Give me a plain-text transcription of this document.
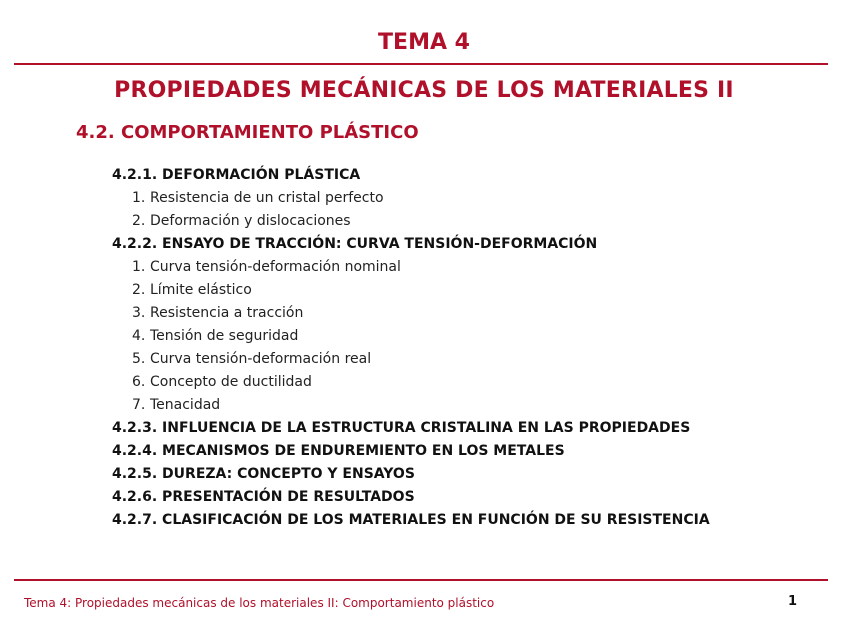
TEMA 4
PROPIEDADES MECÁNICAS DE LOS MATERIALES II
4.2. COMPORTAMIENTO PLÁSTICO
4.2.1. DEFORMACIÓN PLÁSTICA
1. Resistencia de un cristal perfecto
2. Deformación y dislocaciones
4.2.2. ENSAYO DE TRACCIÓN: CURVA TENSIÓN-DEFORMACIÓN
1. Curva tensión-deformación nominal
2. Límite elástico
3. Resistencia a tracción
4. Tensión de seguridad
5. Curva tensión-deformación real
6. Concepto de ductilidad
7. Tenacidad
4.2.3. INFLUENCIA DE LA ESTRUCTURA CRISTALINA EN LAS PROPIEDADES
4.2.4. MECANISMOS DE ENDUREMIENTO EN LOS METALES
4.2.5. DUREZA: CONCEPTO Y ENSAYOS
4.2.6. PRESENTACIÓN DE RESULTADOS
4.2.7. CLASIFICACIÓN DE LOS MATERIALES EN FUNCIÓN DE SU RESISTENCIA
Tema 4: Propiedades mecánicas de los materiales II: Comportamiento plástico	1
